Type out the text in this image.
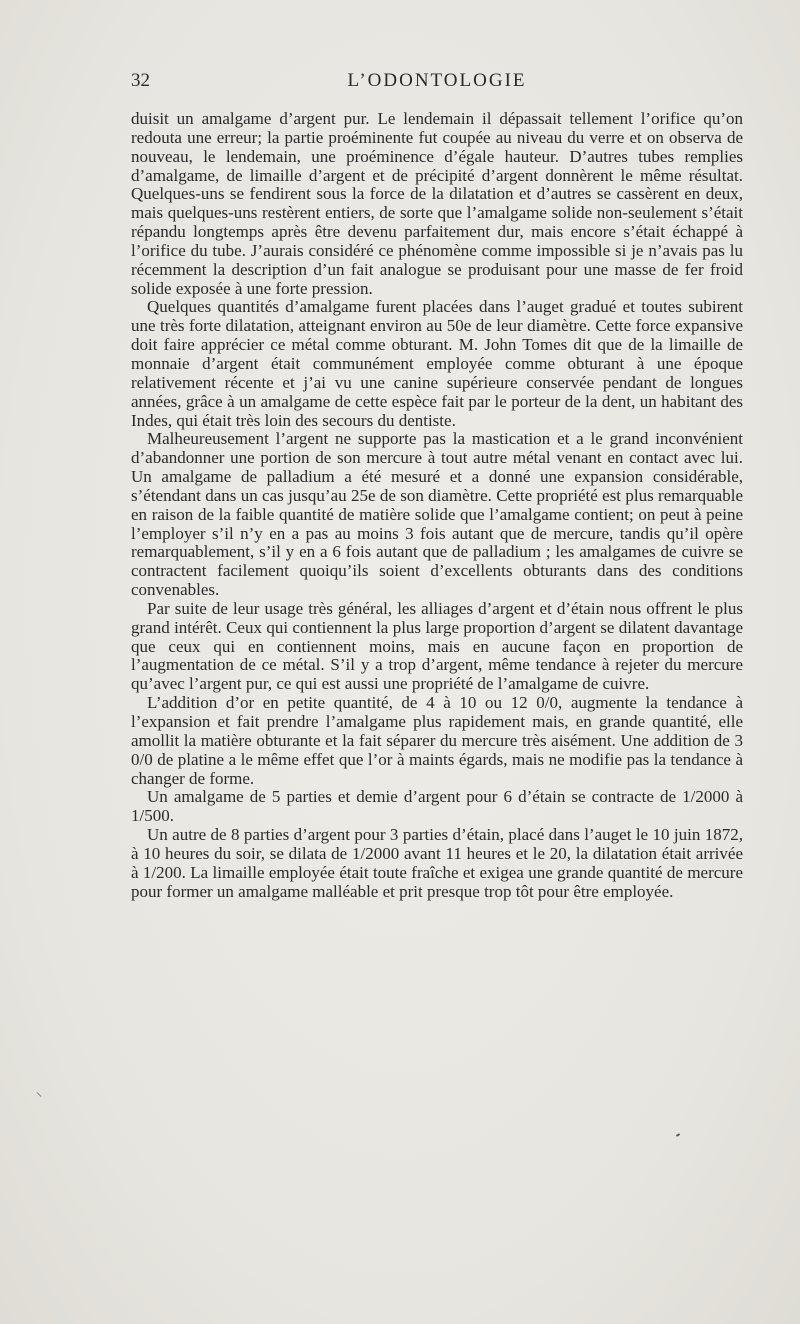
32	L’ODONTOLOGIE

duisit un amalgame d’argent pur. Le lendemain il dépassait tellement l’orifice qu’on redouta une erreur; la partie proéminente fut coupée au niveau du verre et on observa de nouveau, le lendemain, une proéminence d’égale hauteur. D’autres tubes remplies d’amalgame, de limaille d’argent et de précipité d’argent donnèrent le même résultat. Quelques-uns se fendirent sous la force de la dilatation et d’autres se cassèrent en deux, mais quelques-uns restèrent entiers, de sorte que l’amalgame solide non-seulement s’était répandu longtemps après être devenu parfaitement dur, mais encore s’était échappé à l’orifice du tube. J’aurais considéré ce phénomène comme impossible si je n’avais pas lu récemment la description d’un fait analogue se produisant pour une masse de fer froid solide exposée à une forte pression.

Quelques quantités d’amalgame furent placées dans l’auget gradué et toutes subirent une très forte dilatation, atteignant environ au 50e de leur diamètre. Cette force expansive doit faire apprécier ce métal comme obturant. M. John Tomes dit que de la limaille de monnaie d’argent était communément employée comme obturant à une époque relativement récente et j’ai vu une canine supérieure conservée pendant de longues années, grâce à un amalgame de cette espèce fait par le porteur de la dent, un habitant des Indes, qui était très loin des secours du dentiste.

Malheureusement l’argent ne supporte pas la mastication et a le grand inconvénient d’abandonner une portion de son mercure à tout autre métal venant en contact avec lui. Un amalgame de palladium a été mesuré et a donné une expansion considérable, s’étendant dans un cas jusqu’au 25e de son diamètre. Cette propriété est plus remarquable en raison de la faible quantité de matière solide que l’amalgame contient; on peut à peine l’employer s’il n’y en a pas au moins 3 fois autant que de mercure, tandis qu’il opère remarquablement, s’il y en a 6 fois autant que de palladium ; les amalgames de cuivre se contractent facilement quoiqu’ils soient d’excellents obturants dans des conditions convenables.

Par suite de leur usage très général, les alliages d’argent et d’étain nous offrent le plus grand intérêt. Ceux qui contiennent la plus large proportion d’argent se dilatent davantage que ceux qui en contiennent moins, mais en aucune façon en proportion de l’augmentation de ce métal. S’il y a trop d’argent, même tendance à rejeter du mercure qu’avec l’argent pur, ce qui est aussi une propriété de l’amalgame de cuivre.

L’addition d’or en petite quantité, de 4 à 10 ou 12 0/0, augmente la tendance à l’expansion et fait prendre l’amalgame plus rapidement mais, en grande quantité, elle amollit la matière obturante et la fait séparer du mercure très aisément. Une addition de 3 0/0 de platine a le même effet que l’or à maints égards, mais ne modifie pas la tendance à changer de forme.

Un amalgame de 5 parties et demie d’argent pour 6 d’étain se contracte de 1/2000 à 1/500.

Un autre de 8 parties d’argent pour 3 parties d’étain, placé dans l’auget le 10 juin 1872, à 10 heures du soir, se dilata de 1/2000 avant 11 heures et le 20, la dilatation était arrivée à 1/200. La limaille employée était toute fraîche et exigea une grande quantité de mercure pour former un amalgame malléable et prit presque trop tôt pour être employée.
